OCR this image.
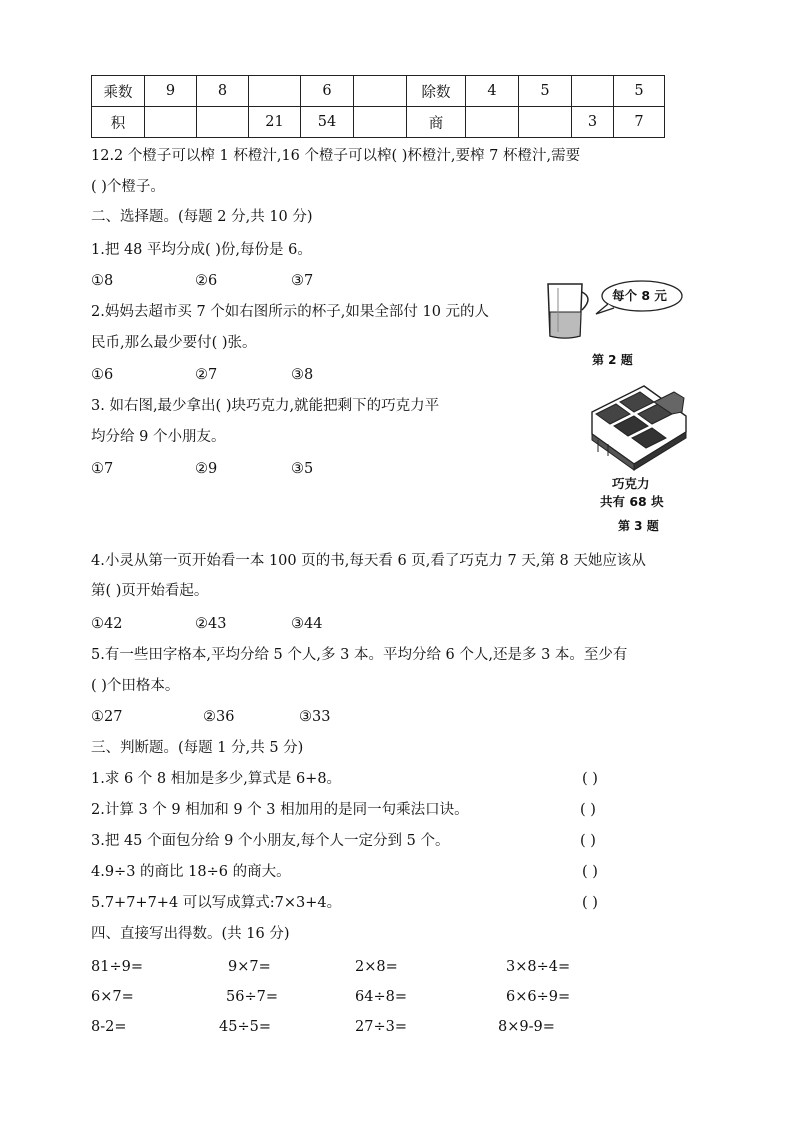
乘数	9	8		6		除数	4	5		5
积			21	54		商			3	7
12.2 个橙子可以榨 1 杯橙汁,16 个橙子可以榨( )杯橙汁,要榨 7 杯橙汁,需要
( )个橙子。
二、选择题。(每题 2 分,共 10 分)
1.把 48 平均分成( )份,每份是 6。
①8	②6	③7
2.妈妈去超市买 7 个如右图所示的杯子,如果全部付 10 元的人
民币,那么最少要付( )张。
①6	②7	③8
每个 8 元
第 2 题
3. 如右图,最少拿出( )块巧克力,就能把剩下的巧克力平
均分给 9 个小朋友。
①7	②9	③5
巧克力
共有 68 块
第 3 题
4.小灵从第一页开始看一本 100 页的书,每天看 6 页,看了巧克力 7 天,第 8 天她应该从
第( )页开始看起。
①42	②43	③44
5.有一些田字格本,平均分给 5 个人,多 3 本。平均分给 6 个人,还是多 3 本。至少有
( )个田格本。
①27	②36	③33
三、判断题。(每题 1 分,共 5 分)
1.求 6 个 8 相加是多少,算式是 6+8。	( )
2.计算 3 个 9 相加和 9 个 3 相加用的是同一句乘法口诀。	( )
3.把 45 个面包分给 9 个小朋友,每个人一定分到 5 个。	( )
4.9÷3 的商比 18÷6 的商大。	( )
5.7+7+7+4 可以写成算式:7×3+4。	( )
四、直接写出得数。(共 16 分)
81÷9=	9×7=	2×8=	3×8÷4=
6×7=	56÷7=	64÷8=	6×6÷9=
8-2=	45÷5=	27÷3=	8×9-9=
